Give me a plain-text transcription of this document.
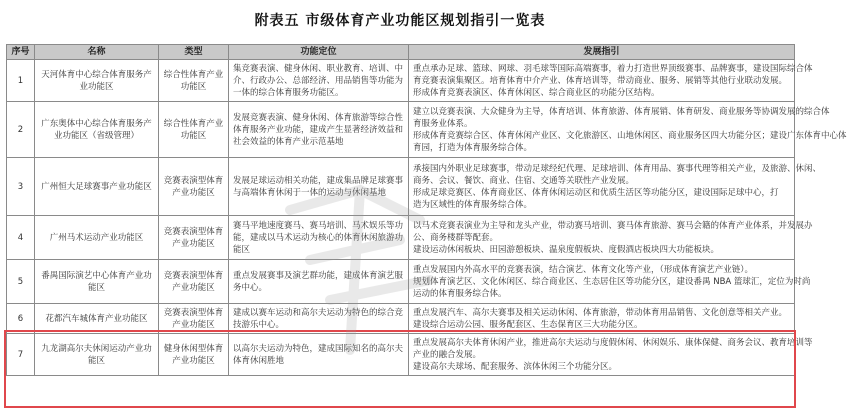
附表五 市级体育产业功能区规划指引一览表
序号	名称	类型	功能定位	发展指引
1	天河体育中心综合体育服务产业功能区	综合性体育产业功能区	集竞赛表演、健身休闲、职业教育、培训、中介、行政办公、总部经济、用品销售等功能为一体的综合体育服务功能区。	重点承办足球、篮球、网球、羽毛球等国际高端赛事，着力打造世界顶级赛事、品牌赛事，建设国际综合体
育竞赛表演集聚区。培育体育中介产业、体育培训等，带动商业、服务、展销等其他行业联动发展。
形成体育竞赛表演区、体育休闲区、综合商业区的功能分区结构。

2	广东奥体中心综合体育服务产业功能区（省级管理）	综合性体育产业功能区	发展竞赛表演、健身休闲、体育旅游等综合性体育服务产业功能，建成产生显著经济效益和社会效益的体育产业示范基地	建立以竞赛表演、大众健身为主导，体育培训、体育旅游、体育展销、体育研发、商业服务等协调发展的综合体
育服务业体系。
形成体育竞赛综合区、体育休闲产业区、文化旅游区、山地休闲区、商业服务区四大功能分区；建设广东体育中心体
育园，打造为体育服务综合体。

3	广州恒大足球赛事产业功能区	竞赛表演型体育产业功能区	发展足球运动相关功能，建成集品牌足球赛事与高端体育休闲于一体的运动与休闲基地	承接国内外职业足球赛事，带动足球经纪代理、足球培训、体育用品、赛事代理等相关产业，及旅游、休闲、
商务、会议、餐饮、商业、住宿、交通等关联性产业发展。
形成足球竞赛区、体育商业区、体育休闲运动区和优质生活区等功能分区，建设国际足球中心，打
造为区域性的体育服务综合体。

4	广州马术运动产业功能区	竞赛表演型体育产业功能区	赛马平地速度赛马、赛马培训、马术娱乐等功能，建成以马术运动为核心的体育休闲旅游功能区	以马术竞赛表演业为主导和龙头产业，带动赛马培训、赛马体育旅游、赛马会籍的体育产业体系，并发展办
公、商务楼群等配套。
建设运动休闲板块、田园游憩板块、温泉度假板块、度假酒店板块四大功能板块。

5	番禺国际演艺中心体育产业功能区	竞赛表演型体育产业功能区	重点发展赛事及演艺群功能，建成体育演艺服务中心。	重点发展国内外高水平的竞赛表演，结合演艺、体育文化等产业，（形成体育演艺产业链）。
规划体育演艺区、文化休闲区、综合商业区、生态居住区等功能分区，建设番禺 NBA 篮球汇，定位为时尚
运动的体育服务综合体。

6	花都汽车城体育产业功能区	竞赛表演型体育产业功能区	建成以赛车运动和高尔夫运动为特色的综合竞技游乐中心。	重点发展汽车、高尔夫赛事及相关运动休闲、体育旅游，带动体育用品销售、文化创意等相关产业。
建设综合运动公园、服务配套区、生态保育区三大功能分区。

7	九龙湖高尔夫休闲运动产业功能区	健身休闲型体育产业功能区	以高尔夫运动为特色，建成国际知名的高尔夫体育休闲胜地	重点发展高尔夫体育休闲产业，推进高尔夫运动与度假休闲、休闲娱乐、康体保健、商务会议、教育培训等
产业的融合发展。
建设高尔夫球场、配套服务、滨体休闲三个功能分区。
